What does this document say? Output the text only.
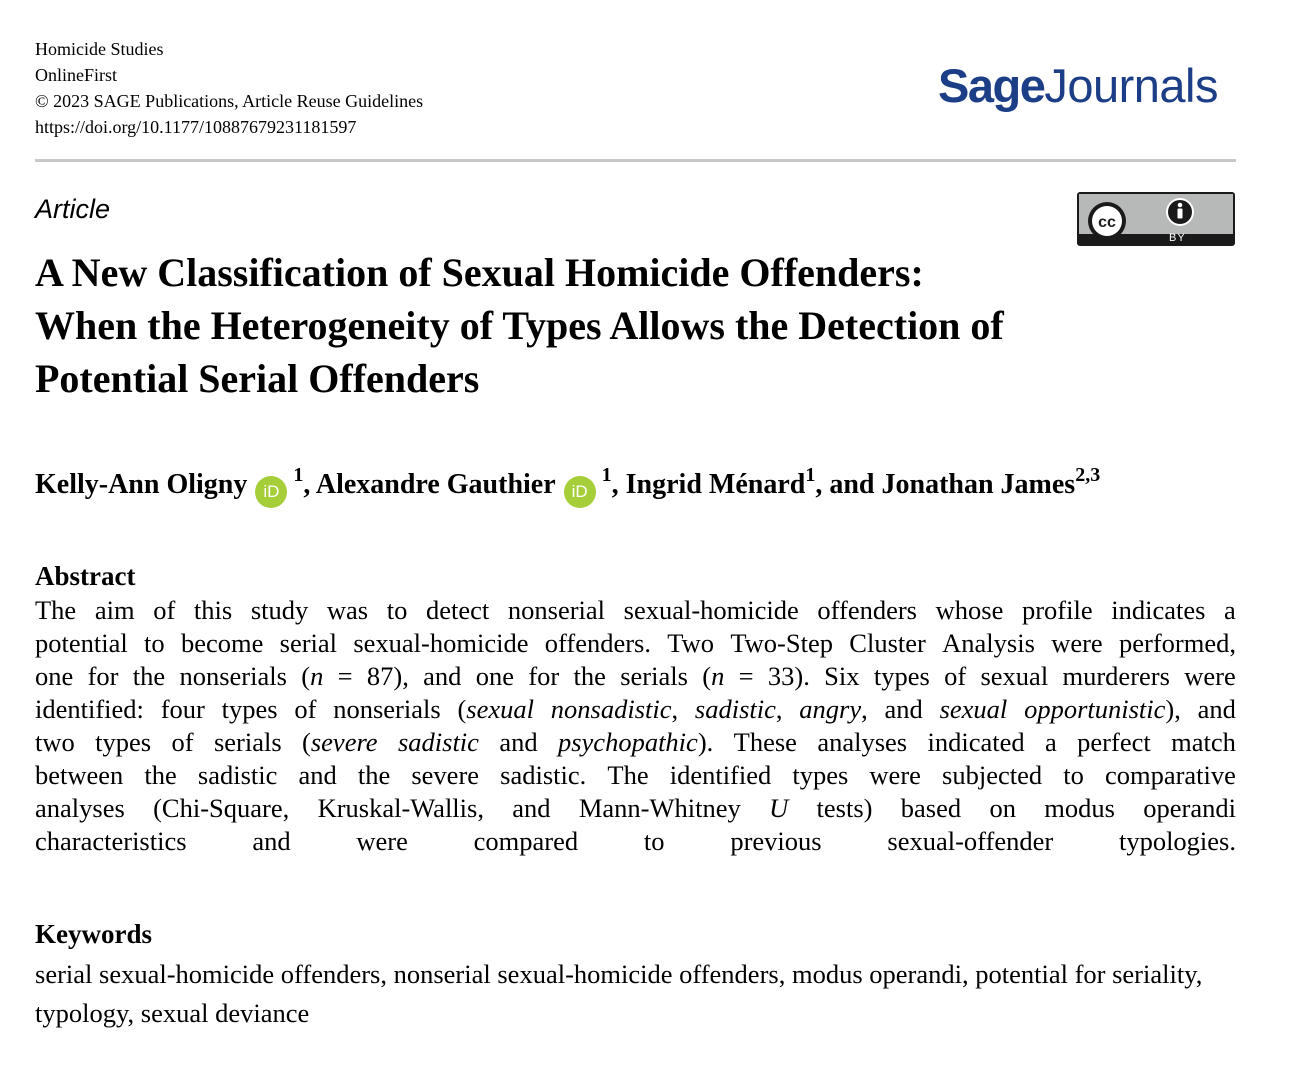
Homicide Studies
OnlineFirst
© 2023 SAGE Publications, Article Reuse Guidelines
https://doi.org/10.1177/10887679231181597
SageJournals
Article	cc
BY
A New Classification of Sexual Homicide Offenders:
When the Heterogeneity of Types Allows the Detection of
Potential Serial Offenders
Kelly-Ann Oligny $iD^1$, Alexandre Gauthier $iD^1$, Ingrid Ménard$^1$, and Jonathan James$^{2,3}$
Abstract
The aim of this study was to detect nonserial sexual-homicide offenders whose profile indicates a
potential to become serial sexual-homicide offenders. Two Two-Step Cluster Analysis were performed,
one for the nonserials (n = 87), and one for the serials (n = 33). Six types of sexual murderers were
identified: four types of nonserials (sexual nonsadistic, sadistic, angry, and sexual opportunistic), and
two types of serials (severe sadistic and psychopathic). These analyses indicated a perfect match
between the sadistic and the severe sadistic. The identified types were subjected to comparative
analyses (Chi-Square, Kruskal-Wallis, and Mann-Whitney U tests) based on modus operandi
characteristics and were compared to previous sexual-offender typologies.
Keywords
serial sexual-homicide offenders, nonserial sexual-homicide offenders, modus operandi, potential for seriality, typology, sexual deviance
